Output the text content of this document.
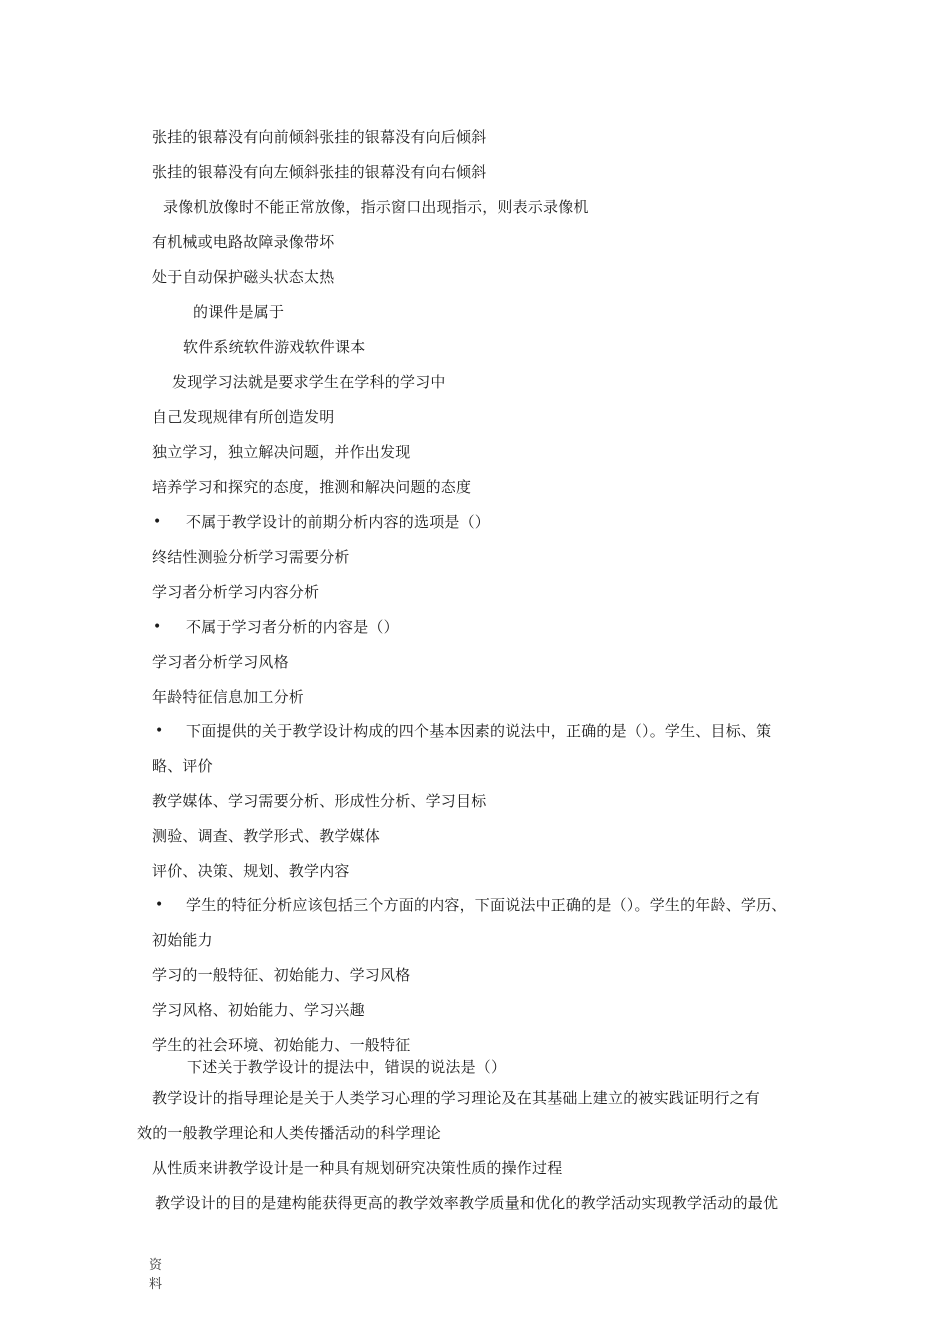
张挂的银幕没有向前倾斜张挂的银幕没有向后倾斜
张挂的银幕没有向左倾斜张挂的银幕没有向右倾斜
录像机放像时不能正常放像，指示窗口出现指示，则表示录像机
有机械或电路故障录像带坏
处于自动保护磁头状态太热
的课件是属于
软件系统软件游戏软件课本
发现学习法就是要求学生在学科的学习中
自己发现规律有所创造发明
独立学习，独立解决问题，并作出发现
培养学习和探究的态度，推测和解决问题的态度
• 不属于教学设计的前期分析内容的选项是（）
终结性测验分析学习需要分析
学习者分析学习内容分析
• 不属于学习者分析的内容是（）
学习者分析学习风格
年龄特征信息加工分析
• 下面提供的关于教学设计构成的四个基本因素的说法中，正确的是（）。学生、目标、策
略、评价
教学媒体、学习需要分析、形成性分析、学习目标
测验、调查、教学形式、教学媒体
评价、决策、规划、教学内容
• 学生的特征分析应该包括三个方面的内容，下面说法中正确的是（）。学生的年龄、学历、
初始能力
学习的一般特征、初始能力、学习风格
学习风格、初始能力、学习兴趣
学生的社会环境、初始能力、一般特征
下述关于教学设计的提法中，错误的说法是（）
教学设计的指导理论是关于人类学习心理的学习理论及在其基础上建立的被实践证明行之有
效的一般教学理论和人类传播活动的科学理论
从性质来讲教学设计是一种具有规划研究决策性质的操作过程
教学设计的目的是建构能获得更高的教学效率教学质量和优化的教学活动实现教学活动的最优
资料
